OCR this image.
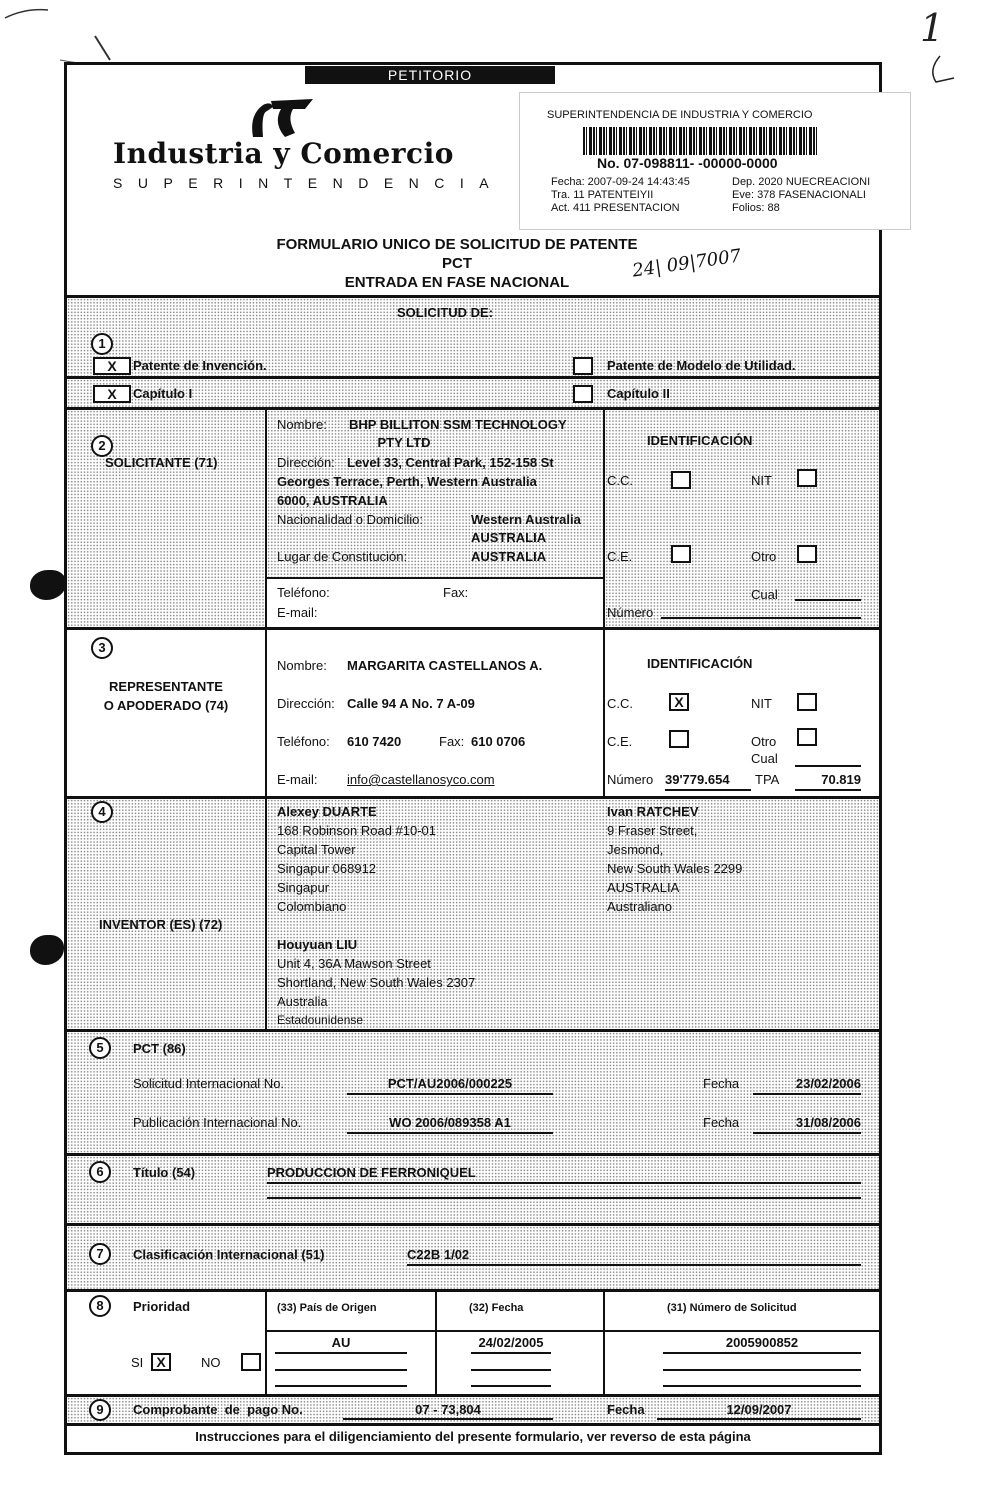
1
PETITORIO
Industria y Comercio
SUPERINTENDENCIA
SUPERINTENDENCIA DE INDUSTRIA Y COMERCIO
No. 07-098811- -00000-0000
Fecha: 2007-09-24 14:43:45	Dep. 2020 NUECREACIONI
Tra. 11 PATENTEIYII	Eve: 378 FASENACIONALI
Act. 411 PRESENTACION	Folios: 88
FORMULARIO UNICO DE SOLICITUD DE PATENTE
PCT
ENTRADA EN FASE NACIONAL
24| 09|7007
SOLICITUD DE:
1
X	Patente de Invención.	Patente de Modelo de Utilidad.
X	Capítulo I	Capítulo II
2
SOLICITANTE (71)
Nombre: BHP BILLITON SSM TECHNOLOGY
PTY LTD
Dirección: Level 33, Central Park, 152-158 St
Georges Terrace, Perth, Western Australia
6000, AUSTRALIA
Nacionalidad o Domicilio:	Western Australia
AUSTRALIA
Lugar de Constitución:	AUSTRALIA
Teléfono:	Fax:
E-mail:
IDENTIFICACIÓN
C.C.	NIT
C.E.	Otro
Cual
Número
3
REPRESENTANTE
O APODERADO (74)
Nombre: MARGARITA CASTELLANOS A.
Dirección: Calle 94 A No. 7 A-09
Teléfono: 610 7420	Fax: 610 0706
E-mail: info@castellanosyco.com
IDENTIFICACIÓN
C.C.	X	NIT
C.E.	Otro
Cual
Número 39'779.654	TPA	70.819
4
INVENTOR (ES) (72)
Alexey DUARTE
168 Robinson Road #10-01
Capital Tower
Singapur 068912
Singapur
Colombiano
Ivan RATCHEV
9 Fraser Street,
Jesmond,
New South Wales 2299
AUSTRALIA
Australiano
Houyuan LIU
Unit 4, 36A Mawson Street
Shortland, New South Wales 2307
Australia
Estadounidense
5	PCT (86)
Solicitud Internacional No.	PCT/AU2006/000225	Fecha	23/02/2006
Publicación Internacional No.	WO 2006/089358 A1	Fecha	31/08/2006
6	Título (54)	PRODUCCION DE FERRONIQUEL
7	Clasificación Internacional (51)	C22B 1/02
8	Prioridad
SI X	NO
(33) País de Origen	(32) Fecha	(31) Número de Solicitud
AU	24/02/2005	2005900852
9	Comprobante  de  pago No.	07 - 73,804	Fecha	12/09/2007
Instrucciones para el diligenciamiento del presente formulario, ver reverso de esta página
